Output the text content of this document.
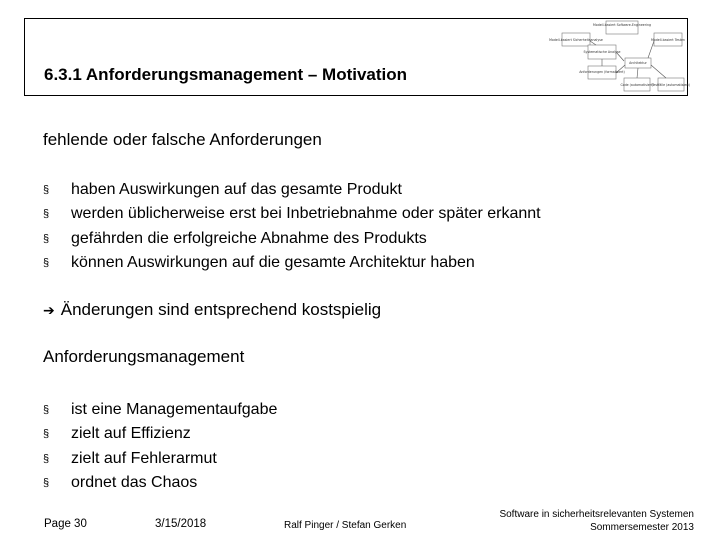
6.3.1 Anforderungsmanagement – Motivation
Modell-basiert Software-Engineering
Modell-basiert Sicherheitsanalyse	Modell-basiert Testen
Systematische Analyse
Architektur
Anforderungen (formalisiert)
Code (automatisiert)
Testfälle (automatisiert)
fehlende oder falsche Anforderungen
§	haben Auswirkungen auf das gesamte Produkt
§	werden üblicherweise erst bei Inbetriebnahme oder später erkannt
§	gefährden die erfolgreiche Abnahme des Produkts
§	können Auswirkungen auf die gesamte Architektur haben
➔ Änderungen sind entsprechend kostspielig
Anforderungsmanagement
§	ist eine Managementaufgabe
§	zielt auf Effizienz
§	zielt auf Fehlerarmut
§	ordnet das Chaos
Page 30	3/15/2018	Ralf Pinger / Stefan Gerken
Software in sicherheitsrelevanten Systemen
Sommersemester 2013
